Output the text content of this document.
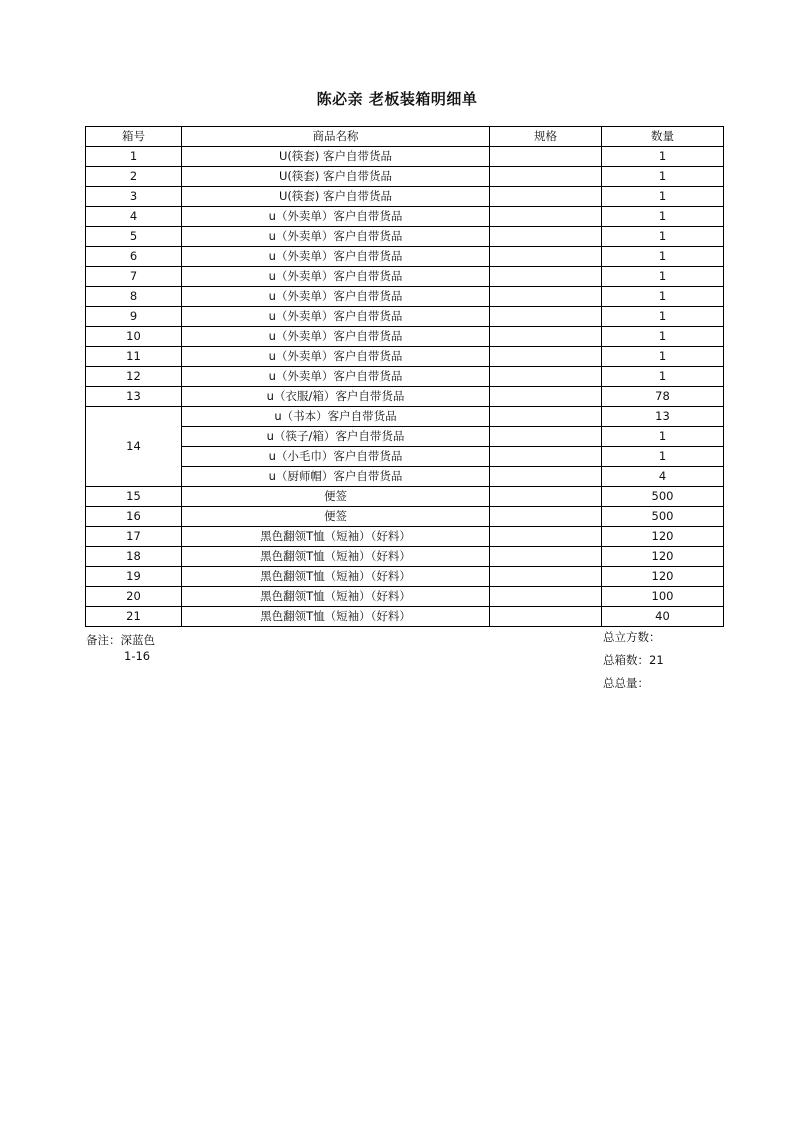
陈必亲 老板装箱明细单
箱号	商品名称	规格	数量
1	U(筷套) 客户自带货品		1
2	U(筷套) 客户自带货品		1
3	U(筷套) 客户自带货品		1
4	u（外卖单）客户自带货品		1
5	u（外卖单）客户自带货品		1
6	u（外卖单）客户自带货品		1
7	u（外卖单）客户自带货品		1
8	u（外卖单）客户自带货品		1
9	u（外卖单）客户自带货品		1
10	u（外卖单）客户自带货品		1
11	u（外卖单）客户自带货品		1
12	u（外卖单）客户自带货品		1
13	u（衣服/箱）客户自带货品		78
14	u（书本）客户自带货品		13
	u（筷子/箱）客户自带货品		1
	u（小毛巾）客户自带货品		1
	u（厨师帽）客户自带货品		4
15	便签		500
16	便签		500
17	黑色翻领T恤（短袖）（好料）		120
18	黑色翻领T恤（短袖）（好料）		120
19	黑色翻领T恤（短袖）（好料）		120
20	黑色翻领T恤（短袖）（好料）		100
21	黑色翻领T恤（短袖）（好料）		40
备注：深蓝色
1-16
总立方数：
总箱数：21
总总量：
